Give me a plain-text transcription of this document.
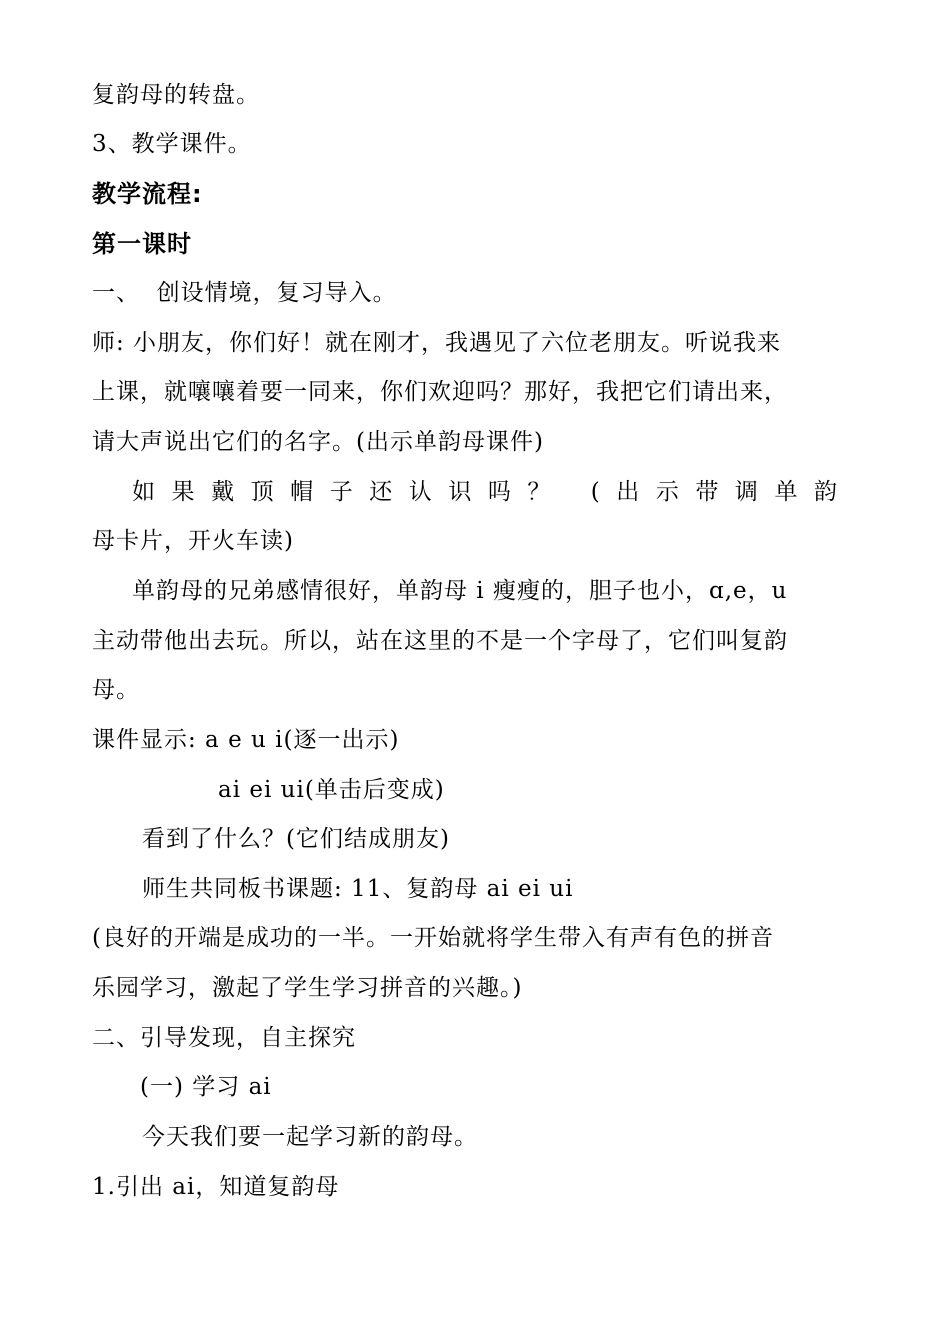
复韵母的转盘。
3、教学课件。
教学流程:
第一课时
一、  创设情境，复习导入。
师: 小朋友，你们好！就在刚才，我遇见了六位老朋友。听说我来
上课，就嚷嚷着要一同来，你们欢迎吗？那好，我把它们请出来，
请大声说出它们的名字。(出示单韵母课件)
如果戴顶帽子还认识吗？ (出示带调单韵
母卡片，开火车读)
单韵母的兄弟感情很好，单韵母 i 瘦瘦的，胆子也小，ɑ,e，u
主动带他出去玩。所以，站在这里的不是一个字母了，它们叫复韵
母。
课件显示: a e u i(逐一出示)
ai ei ui(单击后变成)
看到了什么？(它们结成朋友)
师生共同板书课题: 11、复韵母 ai ei ui
(良好的开端是成功的一半。一开始就将学生带入有声有色的拼音
乐园学习，激起了学生学习拼音的兴趣。)
二、引导发现，自主探究
(一) 学习 ai
今天我们要一起学习新的韵母。
1.引出 ai，知道复韵母
